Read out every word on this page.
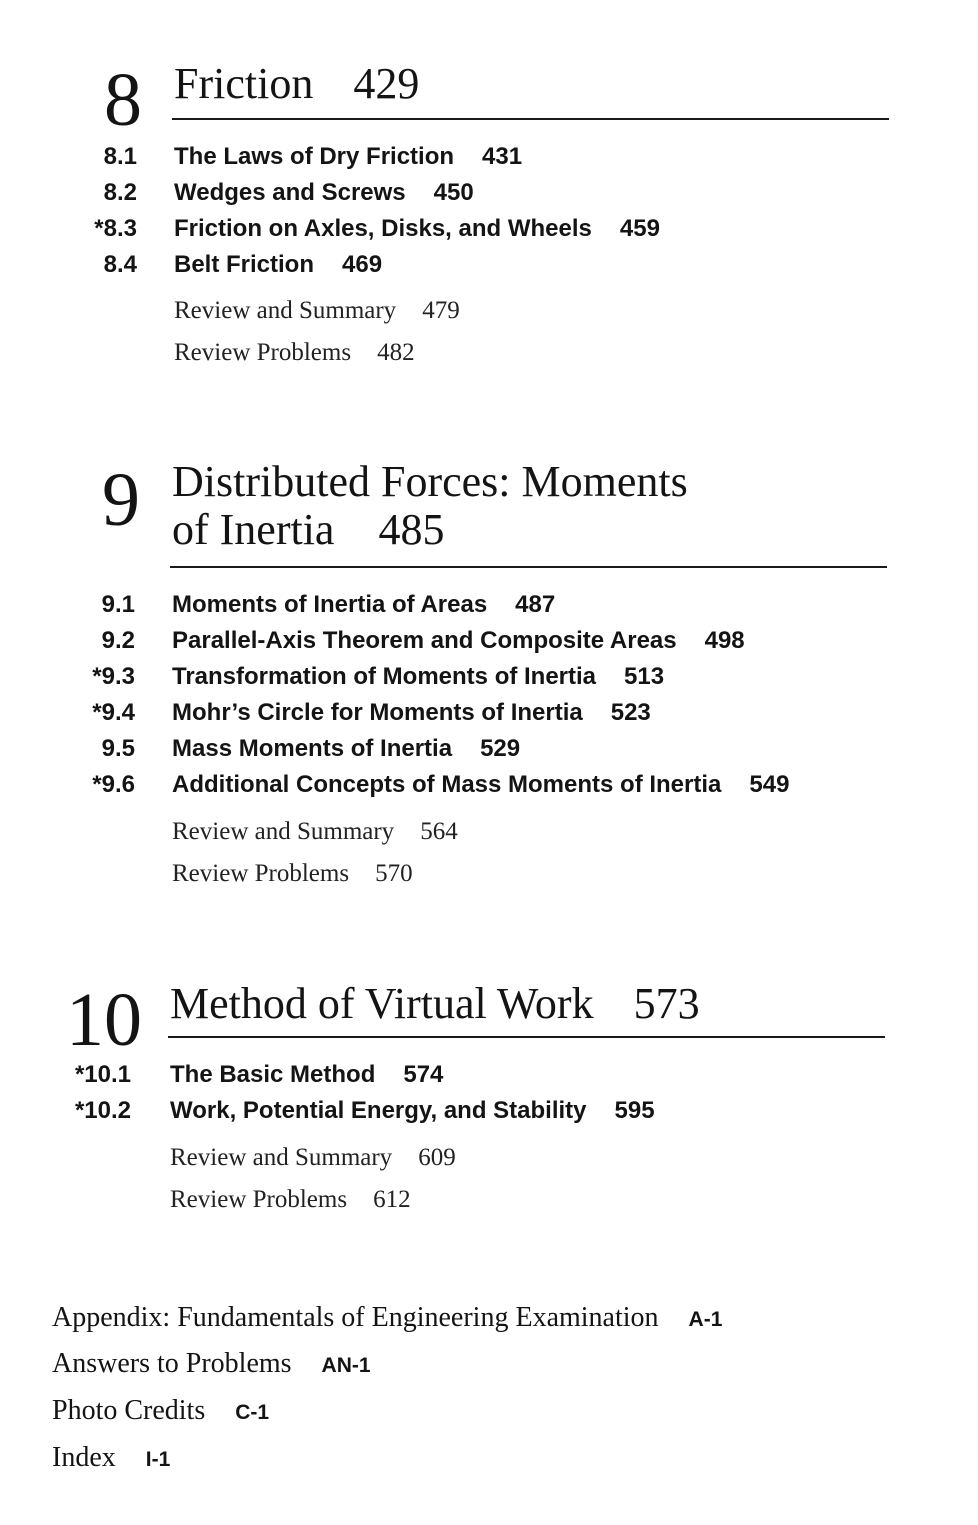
8 Friction 429
8.1 The Laws of Dry Friction 431
8.2 Wedges and Screws 450
*8.3 Friction on Axles, Disks, and Wheels 459
8.4 Belt Friction 469
Review and Summary 479
Review Problems 482
9 Distributed Forces: Moments
of Inertia 485
9.1 Moments of Inertia of Areas 487
9.2 Parallel-Axis Theorem and Composite Areas 498
*9.3 Transformation of Moments of Inertia 513
*9.4 Mohr’s Circle for Moments of Inertia 523
9.5 Mass Moments of Inertia 529
*9.6 Additional Concepts of Mass Moments of Inertia 549
Review and Summary 564
Review Problems 570
10 Method of Virtual Work 573
*10.1 The Basic Method 574
*10.2 Work, Potential Energy, and Stability 595
Review and Summary 609
Review Problems 612
Appendix: Fundamentals of Engineering Examination A-1
Answers to Problems AN-1
Photo Credits C-1
Index I-1
